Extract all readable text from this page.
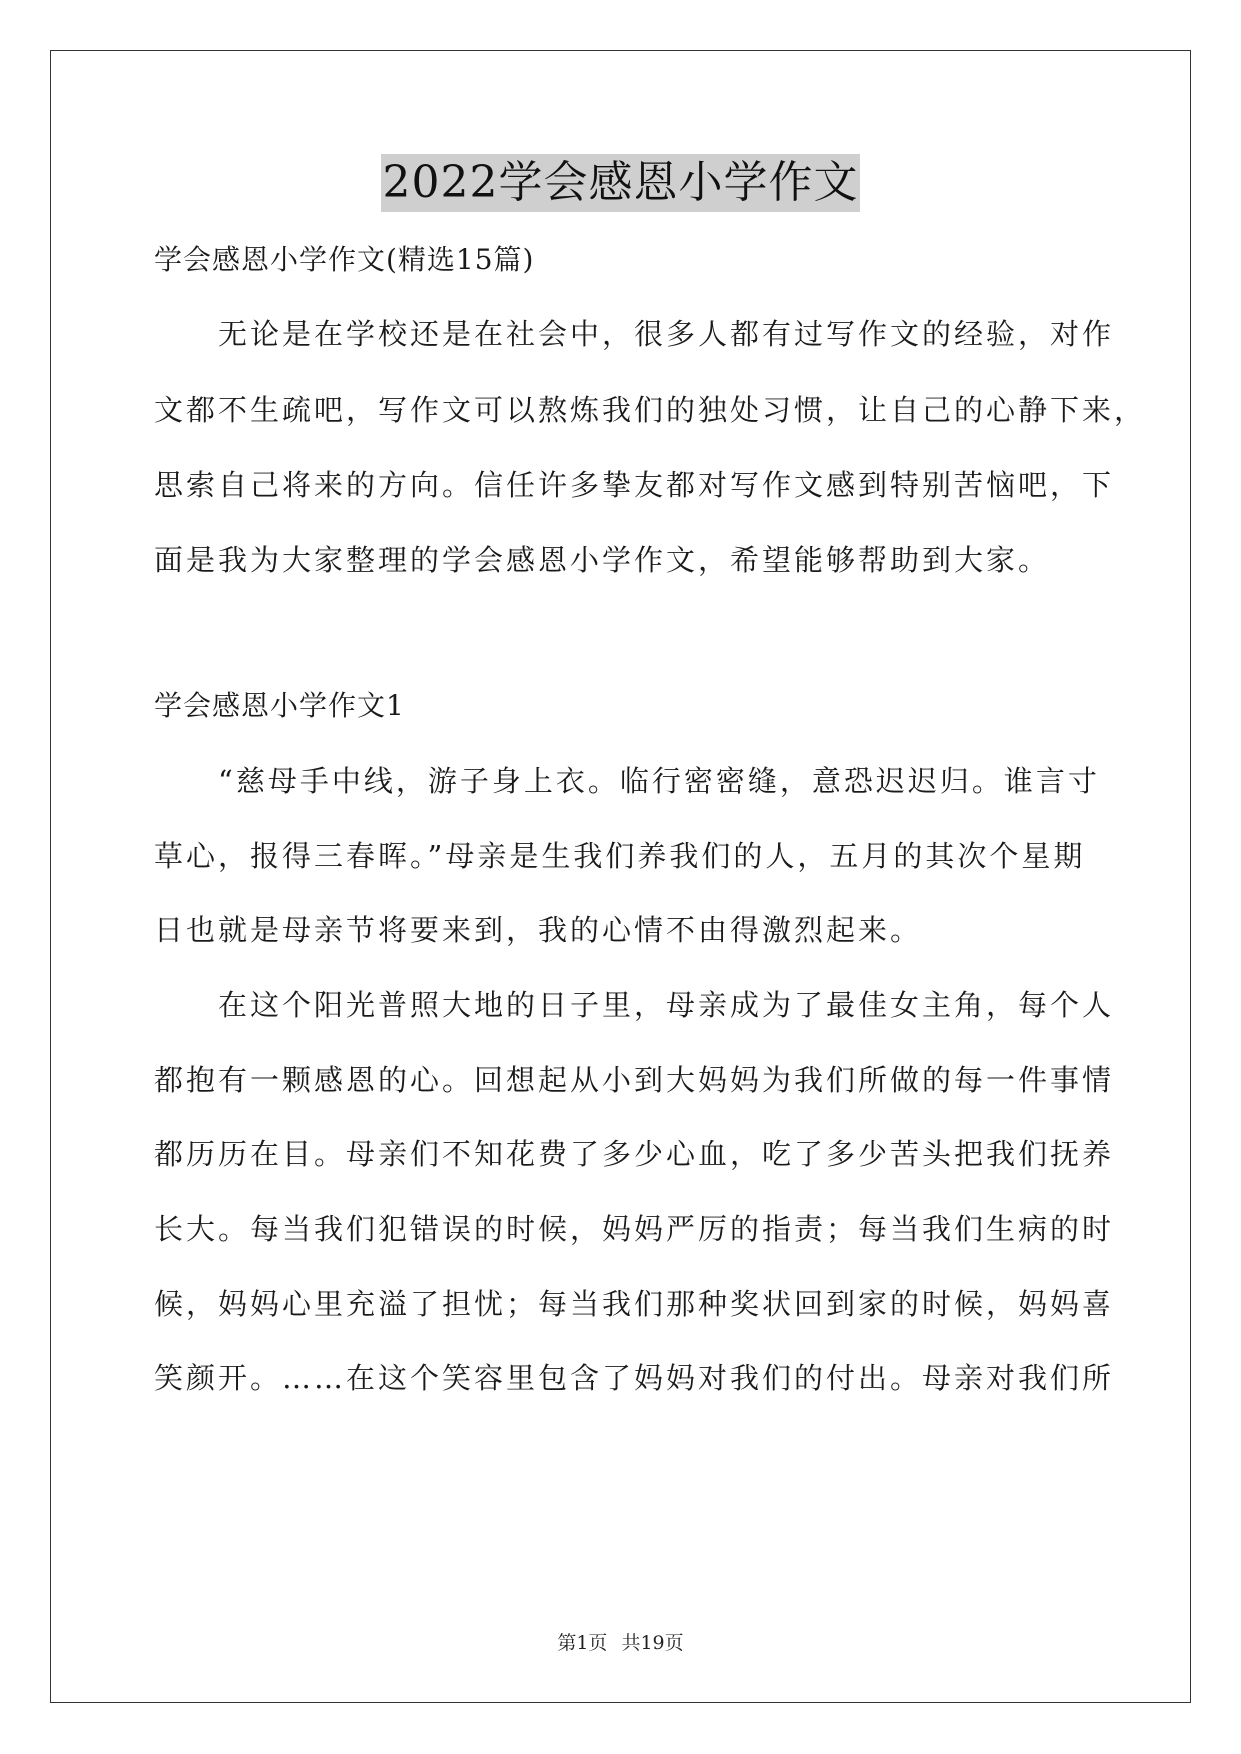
2022学会感恩小学作文
学会感恩小学作文(精选15篇)
　　无论是在学校还是在社会中，很多人都有过写作文的经验，对作
文都不生疏吧，写作文可以熬炼我们的独处习惯，让自己的心静下来，
思索自己将来的方向。信任许多挚友都对写作文感到特别苦恼吧，下
面是我为大家整理的学会感恩小学作文，希望能够帮助到大家。
学会感恩小学作文1
　　“慈母手中线，游子身上衣。临行密密缝，意恐迟迟归。谁言寸
草心，报得三春晖。”母亲是生我们养我们的人，五月的其次个星期
日也就是母亲节将要来到，我的心情不由得激烈起来。
　　在这个阳光普照大地的日子里，母亲成为了最佳女主角，每个人
都抱有一颗感恩的心。回想起从小到大妈妈为我们所做的每一件事情
都历历在目。母亲们不知花费了多少心血，吃了多少苦头把我们抚养
长大。每当我们犯错误的时候，妈妈严厉的指责；每当我们生病的时
候，妈妈心里充溢了担忧；每当我们那种奖状回到家的时候，妈妈喜
笑颜开。……在这个笑容里包含了妈妈对我们的付出。母亲对我们所
第1页 共19页
